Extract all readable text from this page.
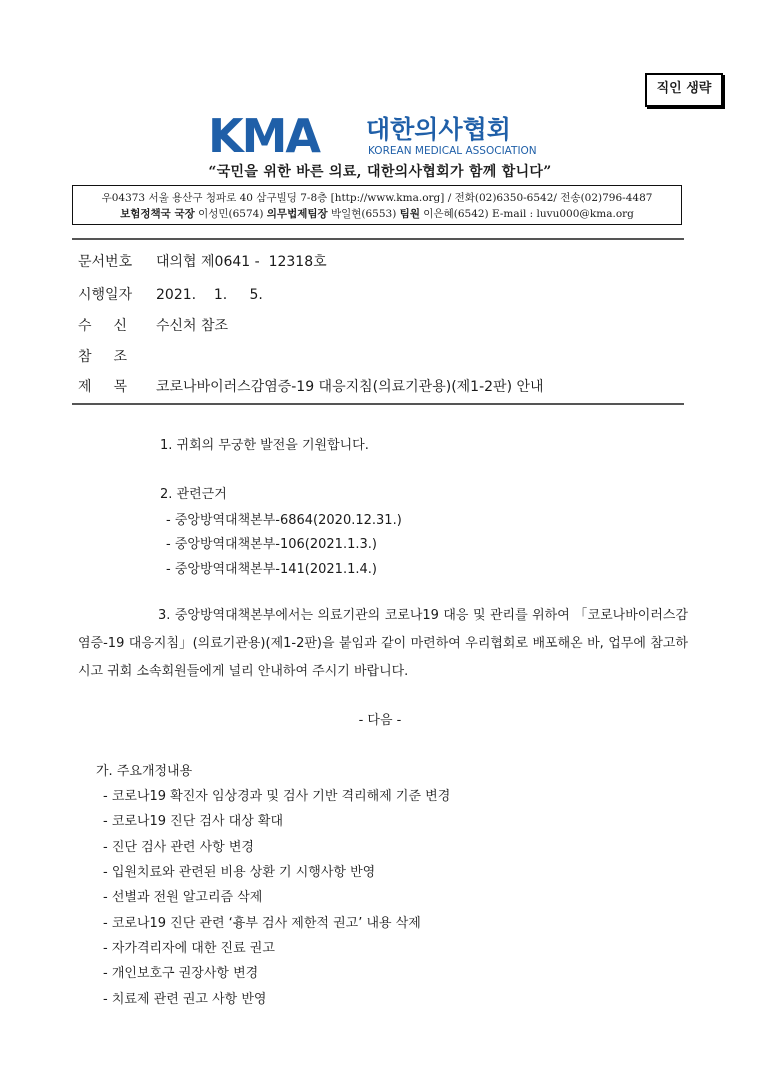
직인 생략
KMA 대한의사협회
KOREAN MEDICAL ASSOCIATION
“국민을 위한 바른 의료, 대한의사협회가 함께 합니다”
우04373 서울 용산구 청파로 40 삼구빌딩 7-8층 [http://www.kma.org] / 전화(02)6350-6542/ 전송(02)796-4487
보험정책국 국장 이성민(6574) 의무법제팀장 박일현(6553) 팀원 이은혜(6542) E-mail : luvu000@kma.org
문서번호 대의협 제0641 -  12318호
시행일자 2021.    1.     5.
수신 수신처 참조
참조
제목 코로나바이러스감염증-19 대응지침(의료기관용)(제1-2판) 안내
1. 귀회의 무궁한 발전을 기원합니다.
2. 관련근거
- 중앙방역대책본부-6864(2020.12.31.)
- 중앙방역대책본부-106(2021.1.3.)
- 중앙방역대책본부-141(2021.1.4.)
3. 중앙방역대책본부에서는 의료기관의 코로나19 대응 및 관리를 위하여 「코로나바이러스감염증-19 대응지침」(의료기관용)(제1-2판)을 붙임과 같이 마련하여 우리협회로 배포해온 바, 업무에 참고하시고 귀회 소속회원들에게 널리 안내하여 주시기 바랍니다.
- 다음 -
가. 주요개정내용
- 코로나19 확진자 임상경과 및 검사 기반 격리해제 기준 변경
- 코로나19 진단 검사 대상 확대
- 진단 검사 관련 사항 변경
- 입원치료와 관련된 비용 상환 기 시행사항 반영
- 선별과 전원 알고리즘 삭제
- 코로나19 진단 관련 ‘흉부 검사 제한적 권고’ 내용 삭제
- 자가격리자에 대한 진료 권고
- 개인보호구 권장사항 변경
- 치료제 관련 권고 사항 반영
